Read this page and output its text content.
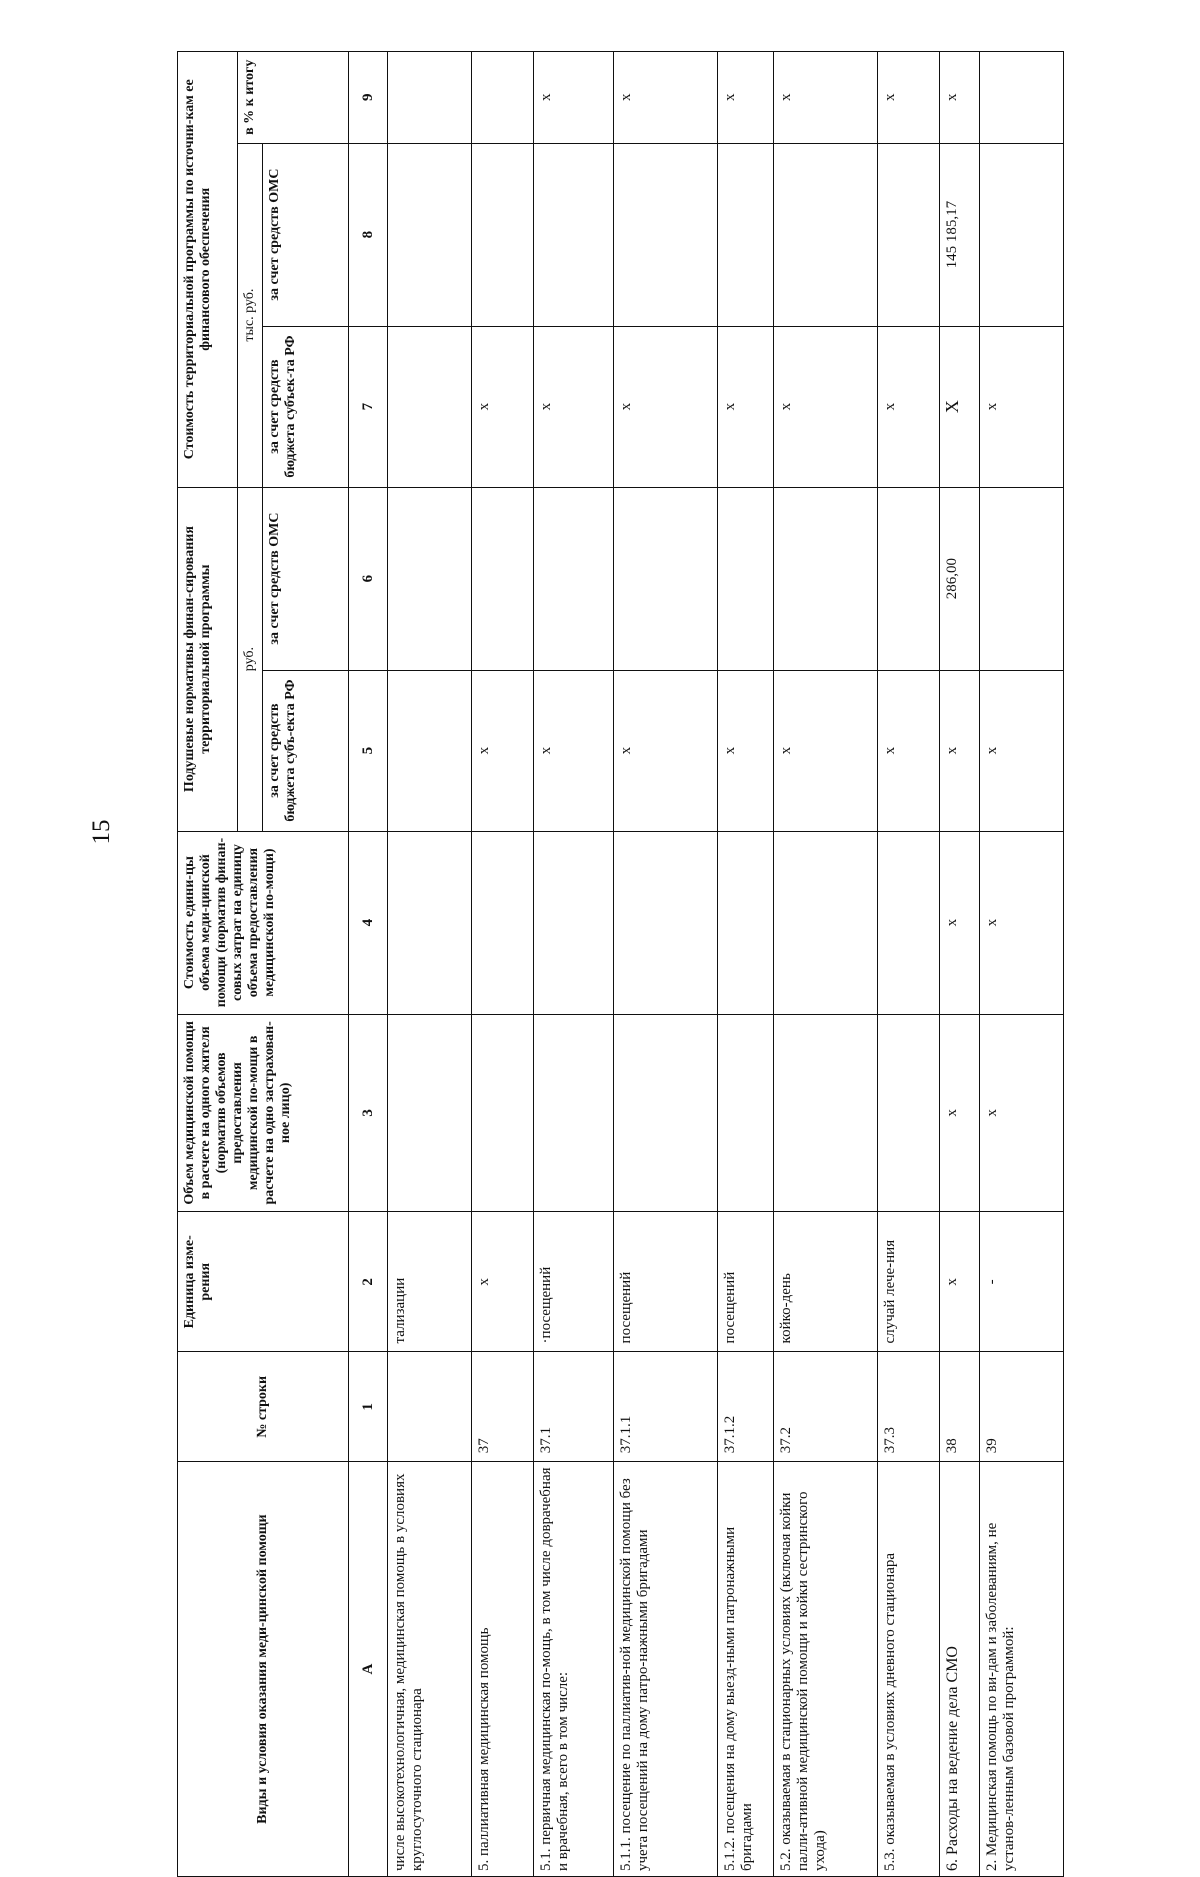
15
Виды и условия оказания меди-цинской помощи	№ строки	Единица изме-рения	Объем медицинской помощи в расчете на одного жителя (норматив объемов предоставления медицинской по-мощи в расчете на одно застрахован-ное лицо)	Стоимость едини-цы объема меди-цинской помощи (норматив финан-совых затрат на единицу объема предоставления медицинской по-мощи)	Подушевые нормативы финан-сирования территориальной программы		Стоимость территориальной программы по источни-кам ее финансового обеспечения		
					руб.		тыс. руб.		в % к итогу
					за счет средств бюджета субъ-екта РФ	за счет средств ОМС	за счет средств бюджета субъек-та РФ	за счет средств ОМС	
А	1	2	3	4	5	6	7	8	9
числе высокотехнологичная, медицинская помощь в условиях круглосуточного стационара		тализации							
5. паллиативная медицинская помощь	37	х			х		х		
5.1. первичная медицинская по-мощь, в том числе доврачебная и врачебная, всего в том числе:	37.1	·посещений			х		х		х
5.1.1. посещение по паллиатив-ной медицинской помощи без учета посещений на дому патро-нажными бригадами	37.1.1	посещений			х		х		х
5.1.2. посещения на дому выезд-ными патронажными бригадами	37.1.2	посещений			х		х		х
5.2. оказываемая в стационарных условиях (включая койки палли-ативной медицинской помощи и койки сестринского ухода)	37.2	койко-день			х		х		х
5.3. оказываемая в условиях дневного стационара	37.3	случай лече-ния			х		х		х
6. Расходы на ведение дела СМО	38	х	х	х	х	286,00	Х	145 185,17	х
2. Медицинская помощь по ви-дам и заболеваниям, не установ-ленным базовой программой:	39	-	х	х	х		х		
